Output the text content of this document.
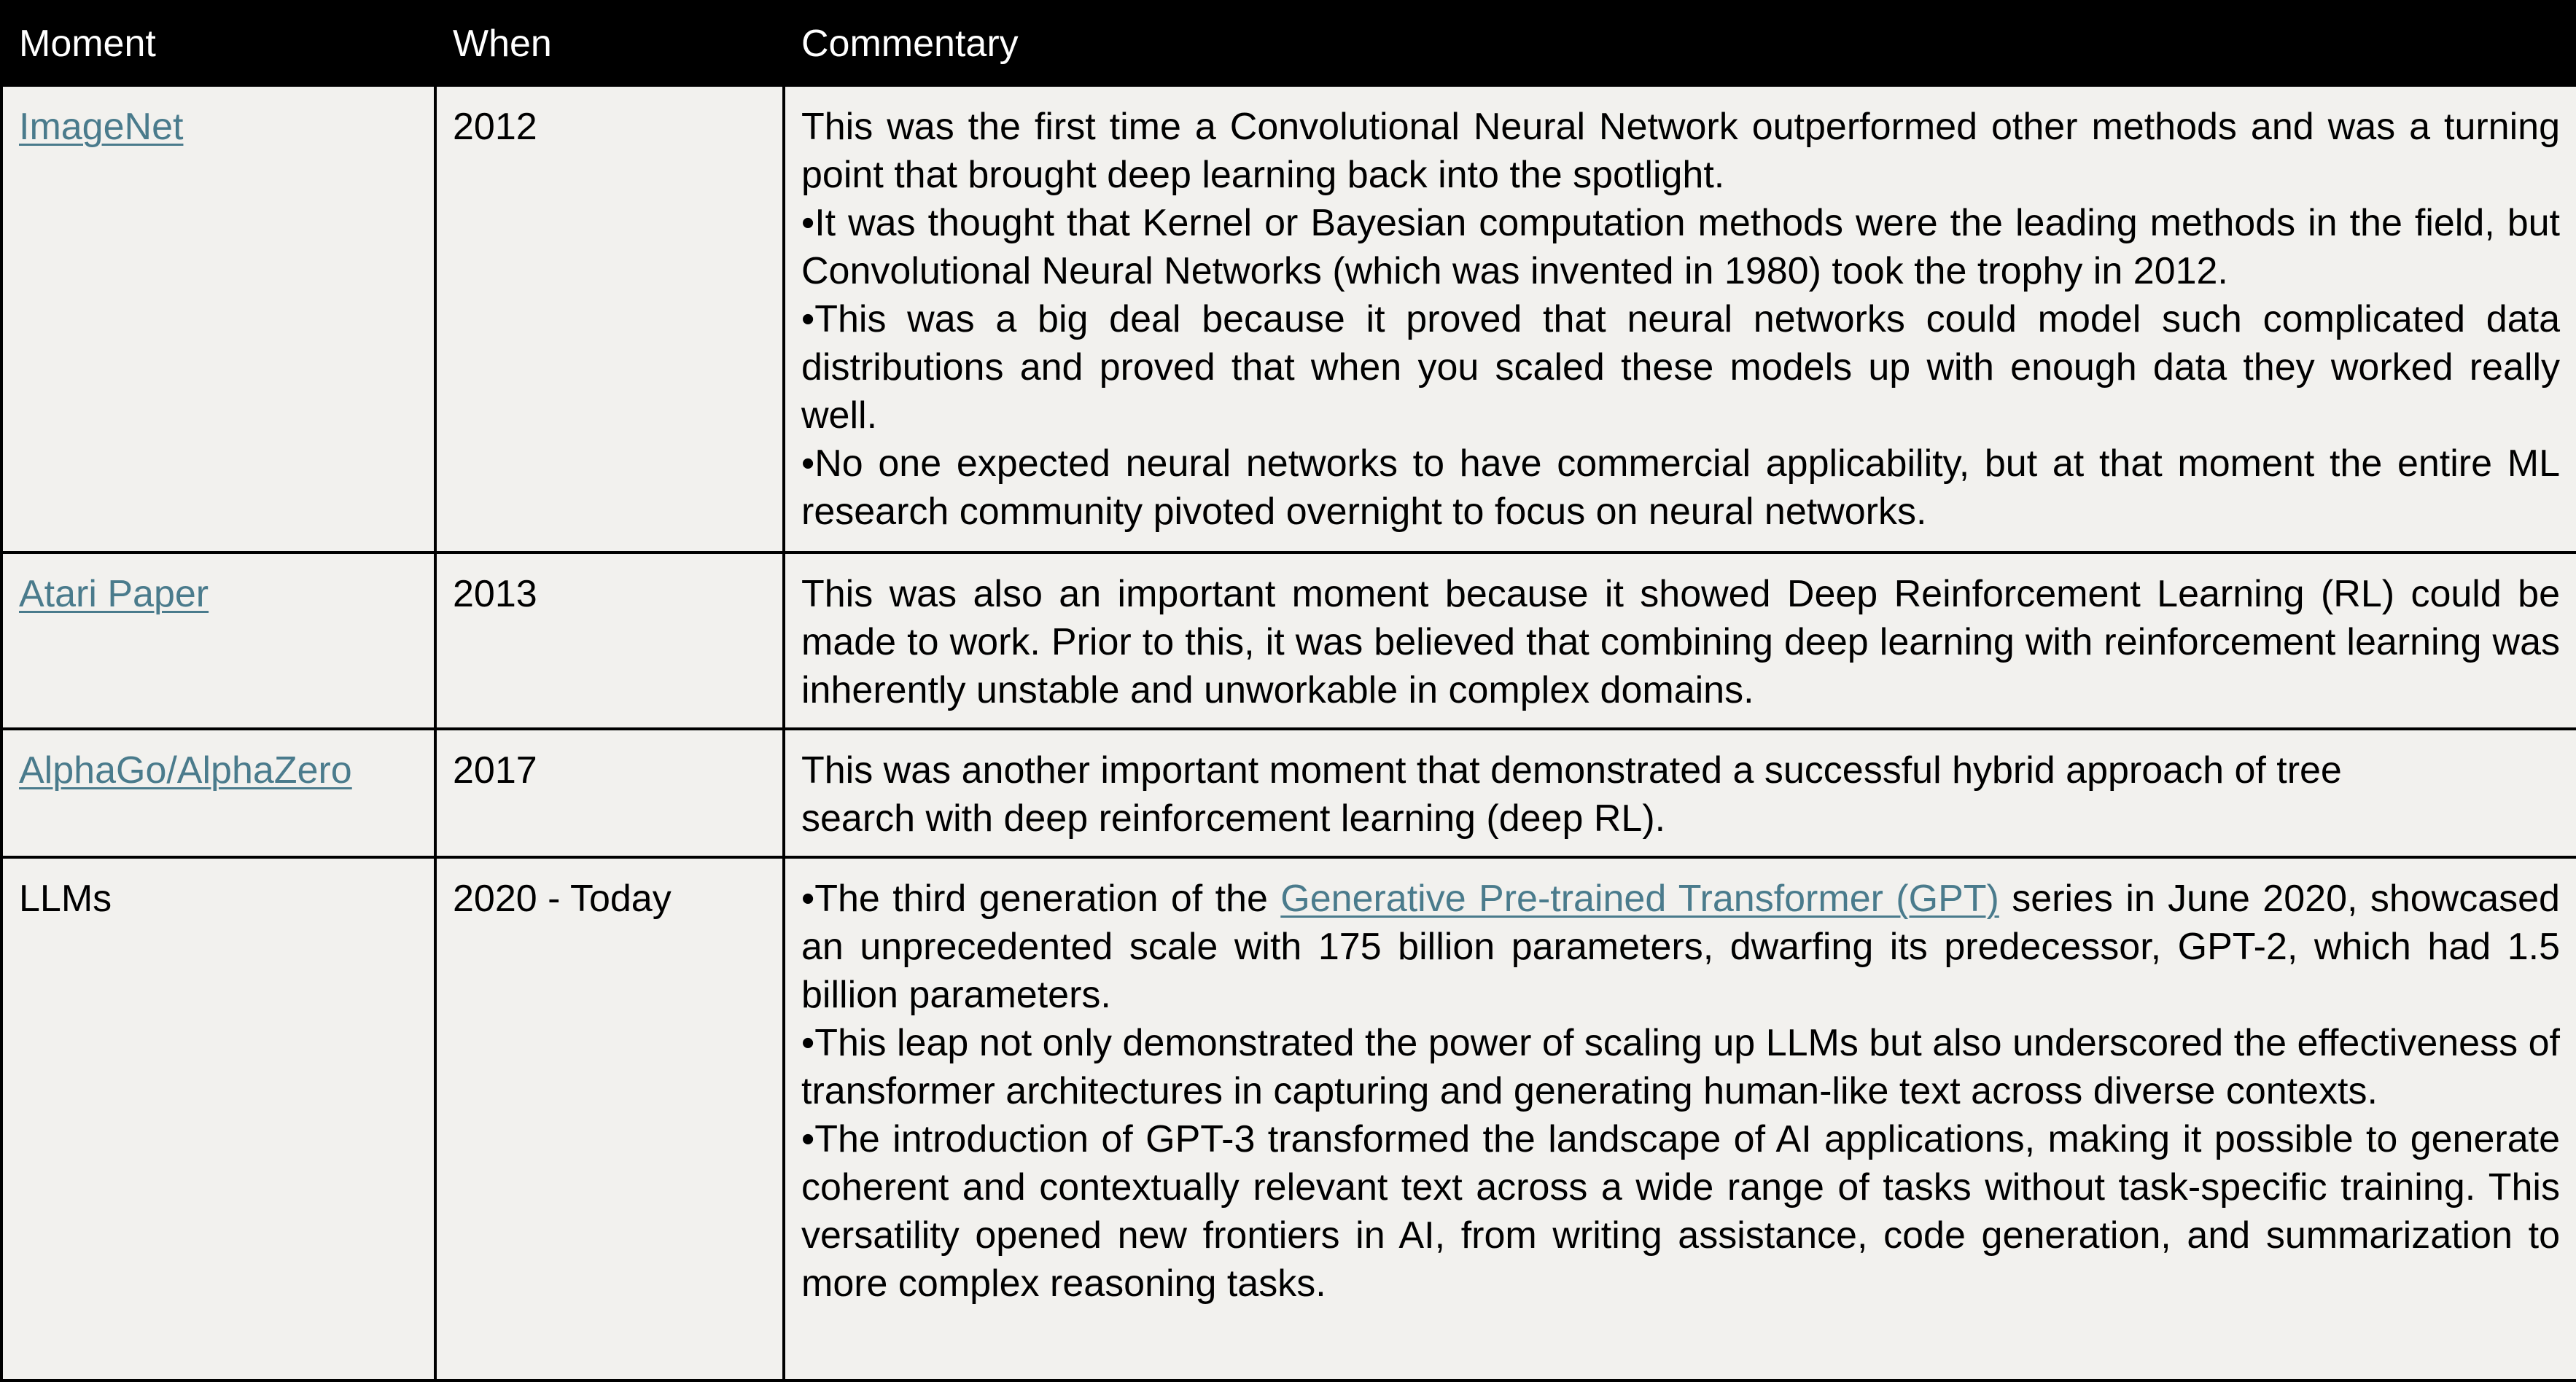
Moment	When	Commentary
ImageNet	2012	This was the first time a Convolutional Neural Network outperformed other methods and was a turning point that brought deep learning back into the spotlight.

•It was thought that Kernel or Bayesian computation methods were the leading methods in the field, but Convolutional Neural Networks (which was invented in 1980) took the trophy in 2012.

•This was a big deal because it proved that neural networks could model such complicated data distributions and proved that when you scaled these models up with enough data they worked really well.

•No one expected neural networks to have commercial applicability, but at that moment the entire ML research community pivoted overnight to focus on neural networks.

Atari Paper	2013	This was also an important moment because it showed Deep Reinforcement Learning (RL) could be made to work. Prior to this, it was believed that combining deep learning with reinforcement learning was inherently unstable and unworkable in complex domains.

AlphaGo/AlphaZero	2017	This was another important moment that demonstrated a successful hybrid approach of tree search with deep reinforcement learning (deep RL).

LLMs	2020 - Today	•The third generation of the Generative Pre-trained Transformer (GPT) series in June 2020, showcased an unprecedented scale with 175 billion parameters, dwarfing its predecessor, GPT-2, which had 1.5 billion parameters.

•This leap not only demonstrated the power of scaling up LLMs but also underscored the effectiveness of transformer architectures in capturing and generating human-like text across diverse contexts.

•The introduction of GPT-3 transformed the landscape of AI applications, making it possible to generate coherent and contextually relevant text across a wide range of tasks without task-specific training. This versatility opened new frontiers in AI, from writing assistance, code generation, and summarization to more complex reasoning tasks.
